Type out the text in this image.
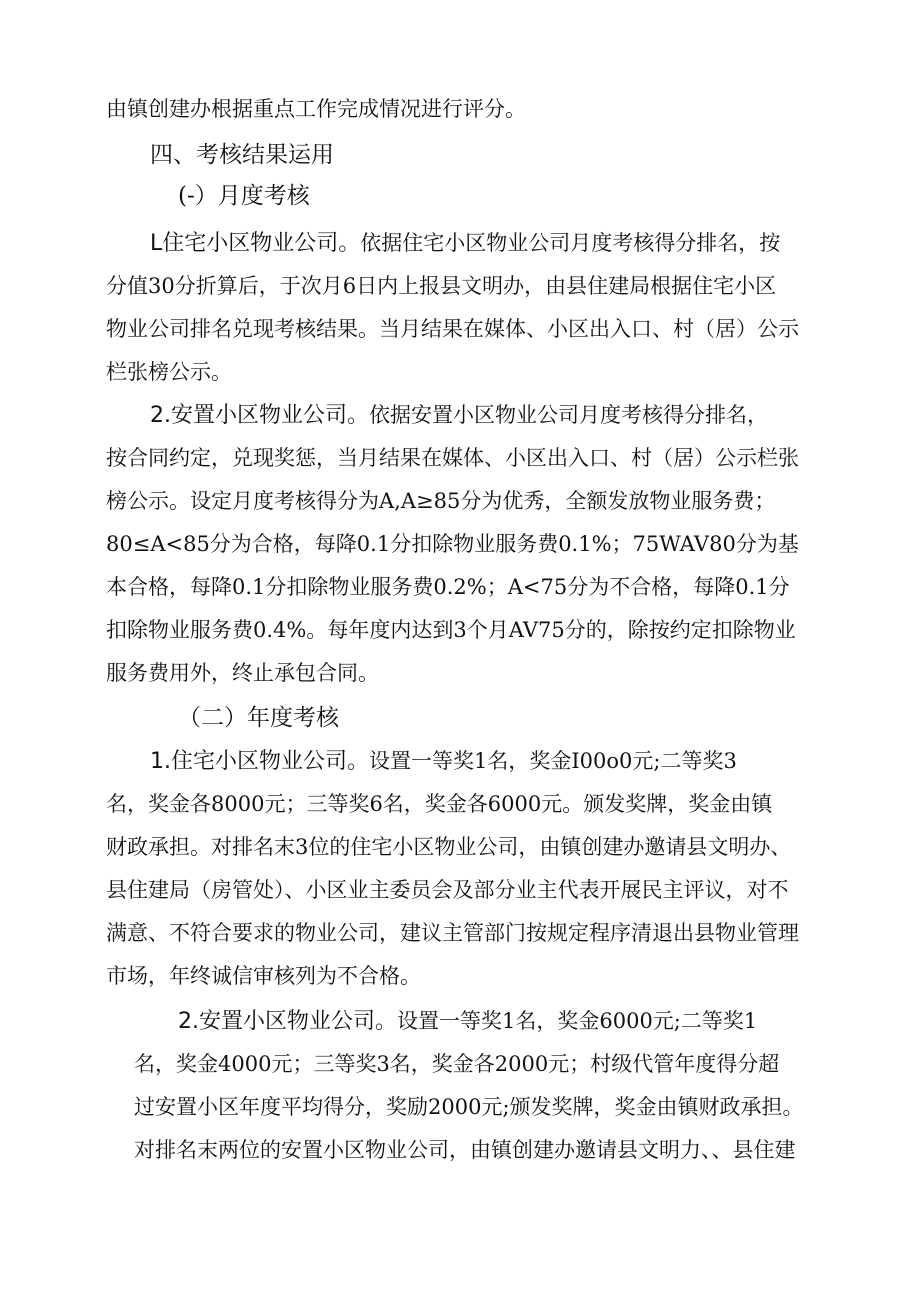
由镇创建办根据重点工作完成情况进行评分。
四、考核结果运用
(-）月度考核
L住宅小区物业公司。依据住宅小区物业公司月度考核得分排名，按
分值30分折算后，于次月6日内上报县文明办，由县住建局根据住宅小区
物业公司排名兑现考核结果。当月结果在媒体、小区出入口、村（居）公示
栏张榜公示。
2.安置小区物业公司。依据安置小区物业公司月度考核得分排名，
按合同约定，兑现奖惩，当月结果在媒体、小区出入口、村（居）公示栏张
榜公示。设定月度考核得分为A,A≥85分为优秀，全额发放物业服务费；
80≤A<85分为合格，每降0.1分扣除物业服务费0.1%；75WAV80分为基
本合格，每降0.1分扣除物业服务费0.2%；A<75分为不合格，每降0.1分
扣除物业服务费0.4%。每年度内达到3个月AV75分的，除按约定扣除物业
服务费用外，终止承包合同。
（二）年度考核
1.住宅小区物业公司。设置一等奖1名，奖金I00o0元;二等奖3
名，奖金各8000元；三等奖6名，奖金各6000元。颁发奖牌，奖金由镇
财政承担。对排名末3位的住宅小区物业公司，由镇创建办邀请县文明办、
县住建局（房管处）、小区业主委员会及部分业主代表开展民主评议，对不
满意、不符合要求的物业公司，建议主管部门按规定程序清退出县物业管理
市场，年终诚信审核列为不合格。
2.安置小区物业公司。设置一等奖1名，奖金6000元;二等奖1
名，奖金4000元；三等奖3名，奖金各2000元；村级代管年度得分超
过安置小区年度平均得分，奖励2000元;颁发奖牌，奖金由镇财政承担。
对排名末两位的安置小区物业公司，由镇创建办邀请县文明力、、县住建
